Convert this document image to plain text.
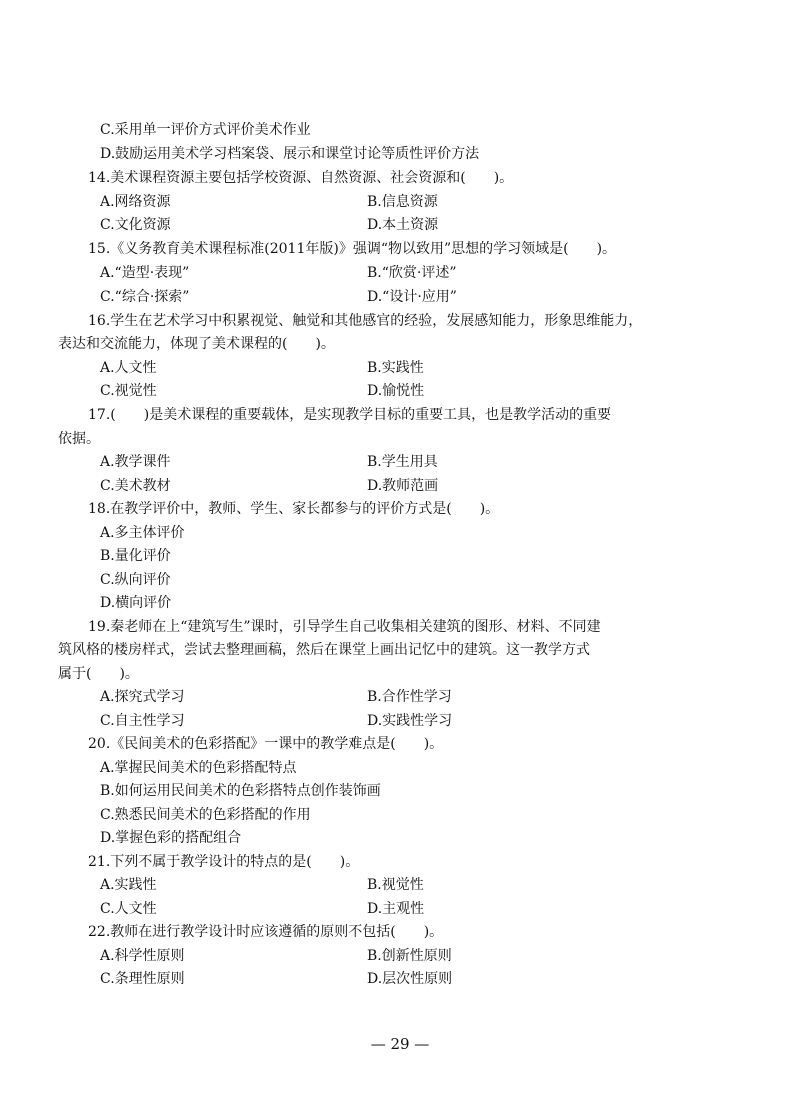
C.采用单一评价方式评价美术作业
D.鼓励运用美术学习档案袋、展示和课堂讨论等质性评价方法
14.美术课程资源主要包括学校资源、自然资源、社会资源和(　　)。
A.网络资源	B.信息资源
C.文化资源	D.本土资源
15.《义务教育美术课程标准(2011年版)》强调“物以致用”思想的学习领域是(　　)。
A.“造型·表现”	B.“欣赏·评述”
C.“综合·探索”	D.“设计·应用”
16.学生在艺术学习中积累视觉、触觉和其他感官的经验，发展感知能力，形象思维能力，
表达和交流能力，体现了美术课程的(　　)。
A.人文性	B.实践性
C.视觉性	D.愉悦性
17.(　　)是美术课程的重要载体，是实现教学目标的重要工具，也是教学活动的重要
依据。
A.教学课件	B.学生用具
C.美术教材	D.教师范画
18.在教学评价中，教师、学生、家长都参与的评价方式是(　　)。
A.多主体评价
B.量化评价
C.纵向评价
D.横向评价
19.秦老师在上“建筑写生”课时，引导学生自己收集相关建筑的图形、材料、不同建
筑风格的楼房样式，尝试去整理画稿，然后在课堂上画出记忆中的建筑。这一教学方式
属于(　　)。
A.探究式学习	B.合作性学习
C.自主性学习	D.实践性学习
20.《民间美术的色彩搭配》一课中的教学难点是(　　)。
A.掌握民间美术的色彩搭配特点
B.如何运用民间美术的色彩搭特点创作装饰画
C.熟悉民间美术的色彩搭配的作用
D.掌握色彩的搭配组合
21.下列不属于教学设计的特点的是(　　)。
A.实践性	B.视觉性
C.人文性	D.主观性
22.教师在进行教学设计时应该遵循的原则不包括(　　)。
A.科学性原则	B.创新性原则
C.条理性原则	D.层次性原则
— 29 —
